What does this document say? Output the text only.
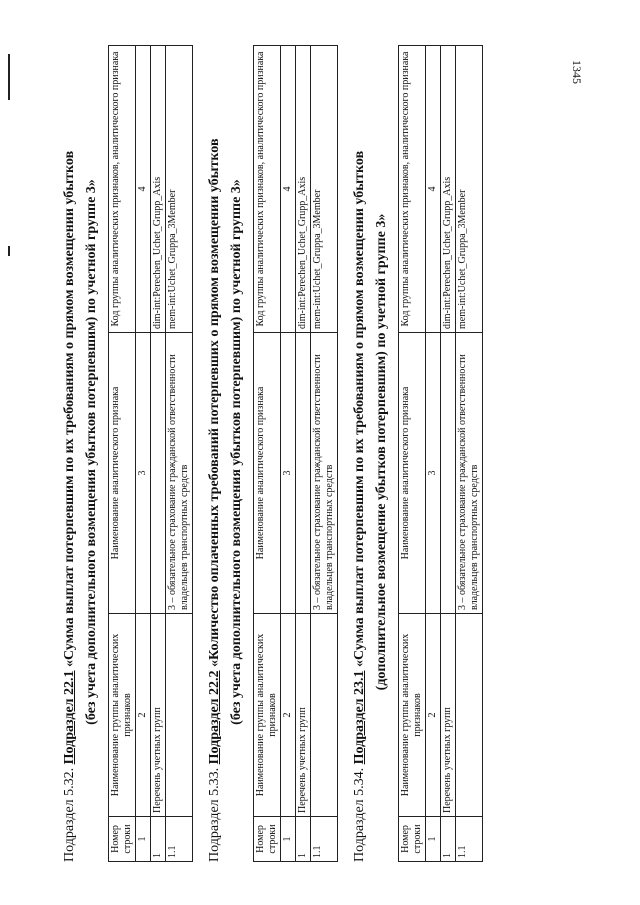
1345

Подраздел 5.32. Подраздел 22.1 «Сумма выплат потерпевшим по их требованиям о прямом возмещении убытков (без учета дополнительного возмещения убытков потерпевшим) по учетной группе 3»

Номер строки	Наименование группы аналитических признаков	Наименование аналитического признака	Код группы аналитических признаков, аналитического признака
1	2	3	4
1	Перечень учетных групп		dim-int:Perechen_Uchet_Grupp_Axis
1.1		3 – обязательное страхование гражданской ответственности владельцев транспортных средств	mem-int:Uchet_Gruppa_3Member

Подраздел 5.33. Подраздел 22.2 «Количество оплаченных требований потерпевших о прямом возмещении убытков (без учета дополнительного возмещения убытков потерпевшим) по учетной группе 3»

Номер строки	Наименование группы аналитических признаков	Наименование аналитического признака	Код группы аналитических признаков, аналитического признака
1	2	3	4
1	Перечень учетных групп		dim-int:Perechen_Uchet_Grupp_Axis
1.1		3 – обязательное страхование гражданской ответственности владельцев транспортных средств	mem-int:Uchet_Gruppa_3Member

Подраздел 5.34. Подраздел 23.1 «Сумма выплат потерпевшим по их требованиям о прямом возмещении убытков (дополнительное возмещение убытков потерпевшим) по учетной группе 3»

Номер строки	Наименование группы аналитических признаков	Наименование аналитического признака	Код группы аналитических признаков, аналитического признака
1	2	3	4
1	Перечень учетных групп		dim-int:Perechen_Uchet_Grupp_Axis
1.1		3 – обязательное страхование гражданской ответственности владельцев транспортных средств	mem-int:Uchet_Gruppa_3Member
